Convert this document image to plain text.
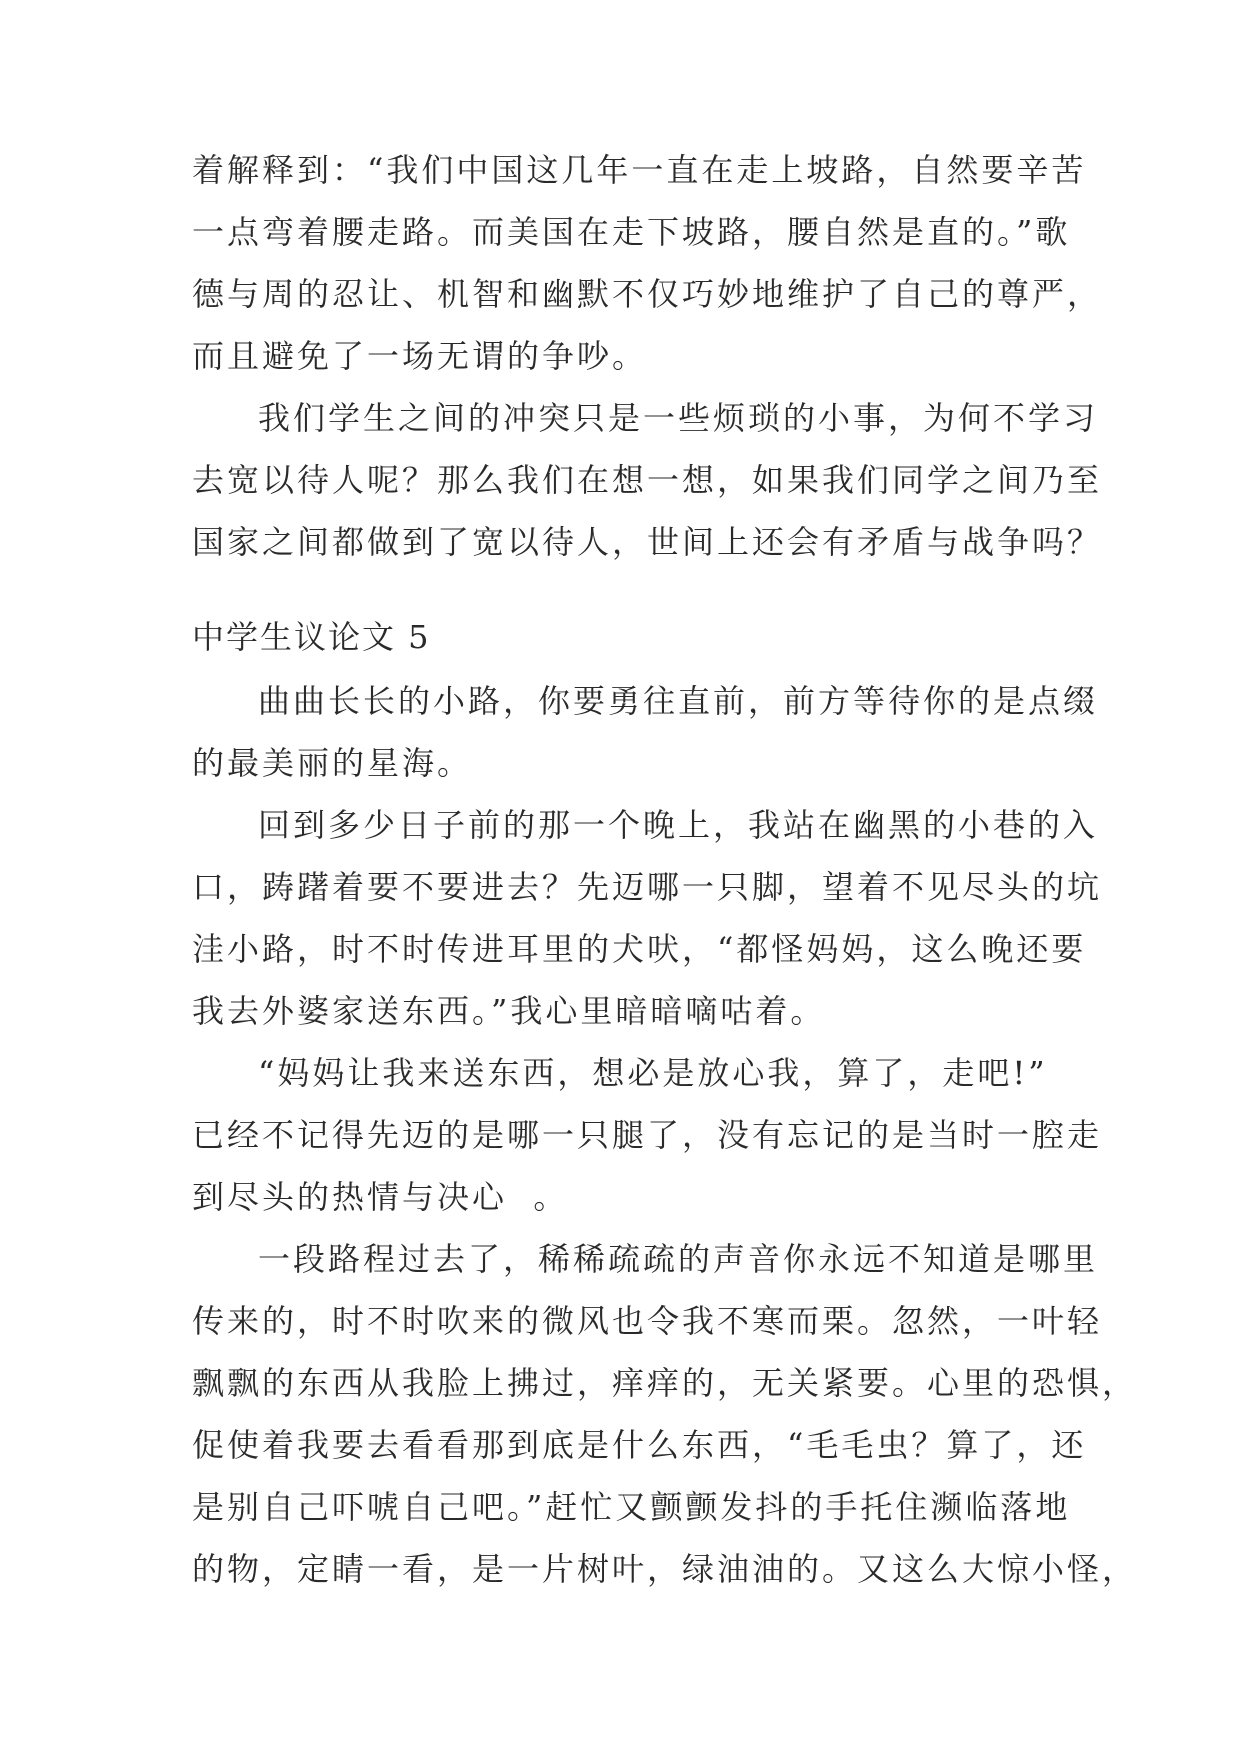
着解释到：“我们中国这几年一直在走上坡路，自然要辛苦
一点弯着腰走路。而美国在走下坡路，腰自然是直的。”歌
德与周的忍让、机智和幽默不仅巧妙地维护了自己的尊严，
而且避免了一场无谓的争吵。
我们学生之间的冲突只是一些烦琐的小事，为何不学习
去宽以待人呢？那么我们在想一想，如果我们同学之间乃至
国家之间都做到了宽以待人，世间上还会有矛盾与战争吗？
中学生议论文 5
曲曲长长的小路，你要勇往直前，前方等待你的是点缀
的最美丽的星海。
回到多少日子前的那一个晚上，我站在幽黑的小巷的入
口，踌躇着要不要进去？先迈哪一只脚，望着不见尽头的坑
洼小路，时不时传进耳里的犬吠，“都怪妈妈，这么晚还要
我去外婆家送东西。”我心里暗暗嘀咕着。
“妈妈让我来送东西，想必是放心我，算了，走吧!”
已经不记得先迈的是哪一只腿了，没有忘记的是当时一腔走
到尽头的热情与决心  。
一段路程过去了，稀稀疏疏的声音你永远不知道是哪里
传来的，时不时吹来的微风也令我不寒而栗。忽然，一叶轻
飘飘的东西从我脸上拂过，痒痒的，无关紧要。心里的恐惧，
促使着我要去看看那到底是什么东西，“毛毛虫？算了，还
是别自己吓唬自己吧。”赶忙又颤颤发抖的手托住濒临落地
的物，定睛一看，是一片树叶，绿油油的。又这么大惊小怪，
